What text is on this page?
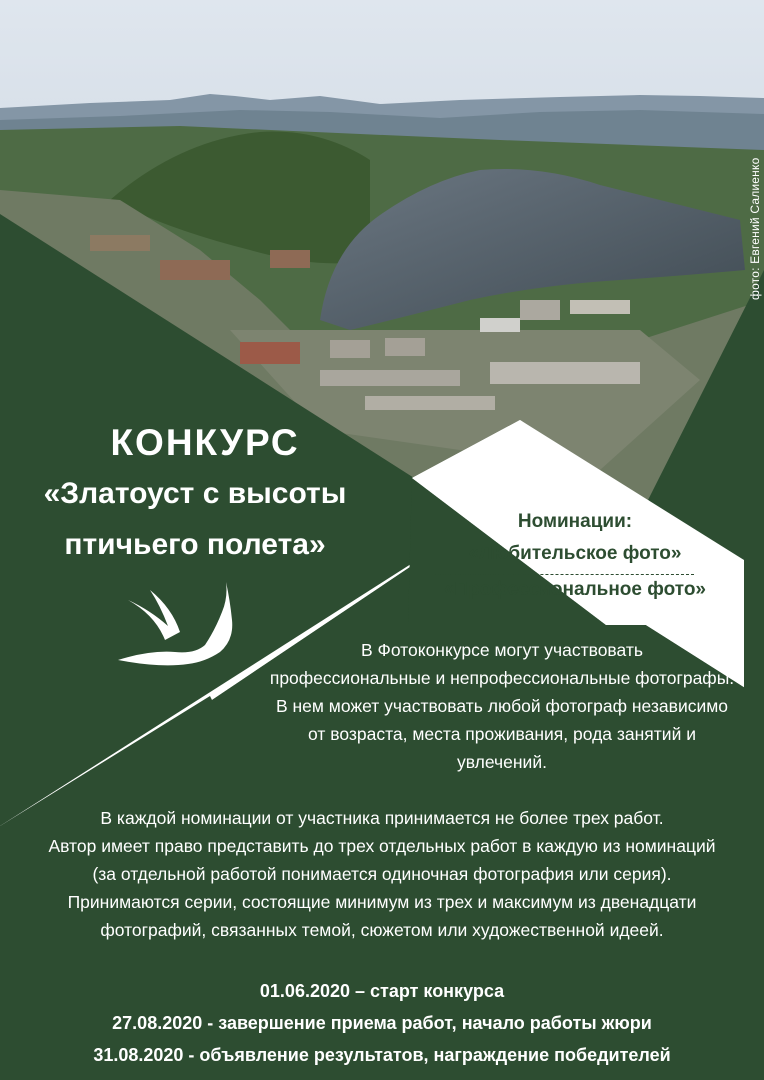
фото: Евгений Салиенко
КОНКУРС
«Златоуст с высоты
птичьего полета»
Номинации:
«Любительское фото»
«Профессиональное фото»
В Фотоконкурсе могут участвовать
профессиональные и непрофессиональные фотографы.
В нем может участвовать любой фотограф независимо
от возраста, места проживания, рода занятий и
увлечений.
В каждой номинации от участника принимается не более трех работ.
Автор имеет право представить до трех отдельных работ в каждую из номинаций
(за отдельной работой понимается одиночная фотография или серия).
Принимаются серии, состоящие минимум из трех и максимум из двенадцати
фотографий, связанных темой, сюжетом или художественной идеей.
01.06.2020 – старт конкурса
27.08.2020 - завершение приема работ, начало работы жюри
31.08.2020 - объявление результатов, награждение победителей
